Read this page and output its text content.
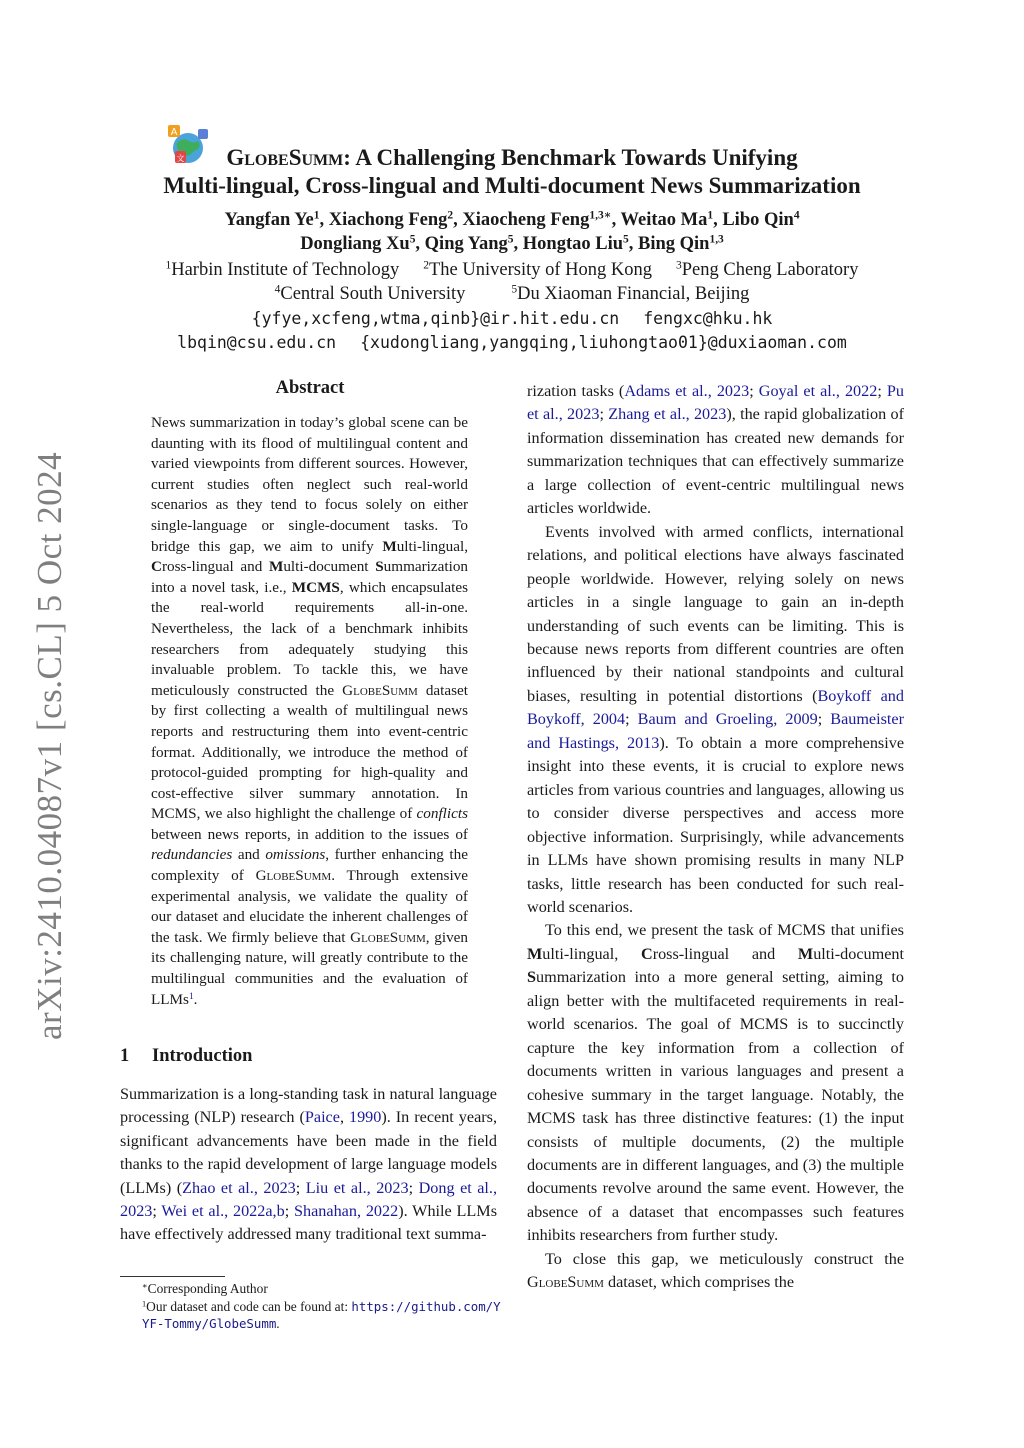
arXiv:2410.04087v1 [cs.CL] 5 Oct 2024
A
文	GlobeSumm: A Challenging Benchmark Towards Unifying
Multi-lingual, Cross-lingual and Multi-document News Summarization
Yangfan Ye$^1$, Xiachong Feng$^2$, Xiaocheng Feng$^{1,3∗}$, Weitao Ma$^1$, Libo Qin$^4$
Dongliang Xu$^5$, Qing Yang$^5$, Hongtao Liu$^5$, Bing Qin$^{1,3}$
$^1$Harbin Institute of Technology $^2$The University of Hong Kong $^3$Peng Cheng Laboratory
$^4$Central South University	$^5$Du Xiaoman Financial, Beijing
{yfye,xcfeng,wtma,qinb}@ir.hit.edu.cn fengxc@hku.hk
lbqin@csu.edu.cn {xudongliang,yangqing,liuhongtao01}@duxiaoman.com
Abstract

News summarization in today’s global scene can be daunting with its flood of multilingual content and varied viewpoints from different sources. However, current studies often neglect such real-world scenarios as they tend to focus solely on either single-language or single-document tasks. To bridge this gap, we aim to unify Multi-lingual, Cross-lingual and Multi-document Summarization into a novel task, i.e., MCMS, which encapsulates the real-world requirements all-in-one. Nevertheless, the lack of a benchmark inhibits researchers from adequately studying this invaluable problem. To tackle this, we have meticulously constructed the GlobeSumm dataset by first collecting a wealth of multilingual news reports and restructuring them into event-centric format. Additionally, we introduce the method of protocol-guided prompting for high-quality and cost-effective silver summary annotation. In MCMS, we also highlight the challenge of conflicts between news reports, in addition to the issues of redundancies and omissions, further enhancing the complexity of GlobeSumm. Through extensive experimental analysis, we validate the quality of our dataset and elucidate the inherent challenges of the task. We firmly believe that GlobeSumm, given its challenging nature, will greatly contribute to the multilingual communities and the evaluation of LLMs$^1$.

1 Introduction

Summarization is a long-standing task in natural language processing (NLP) research (Paice, 1990). In recent years, significant advancements have been made in the field thanks to the rapid development of large language models (LLMs) (Zhao et al., 2023; Liu et al., 2023; Dong et al., 2023; Wei et al., 2022a,b; Shanahan, 2022). While LLMs have effectively addressed many traditional text summa-

∗Corresponding Author

$^1$Our dataset and code can be found at: https://github.com/YYF-Tommy/GlobeSumm.

rization tasks (Adams et al., 2023; Goyal et al., 2022; Pu et al., 2023; Zhang et al., 2023), the rapid globalization of information dissemination has created new demands for summarization techniques that can effectively summarize a large collection of event-centric multilingual news articles worldwide.

Events involved with armed conflicts, international relations, and political elections have always fascinated people worldwide. However, relying solely on news articles in a single language to gain an in-depth understanding of such events can be limiting. This is because news reports from different countries are often influenced by their national standpoints and cultural biases, resulting in potential distortions (Boykoff and Boykoff, 2004; Baum and Groeling, 2009; Baumeister and Hastings, 2013). To obtain a more comprehensive insight into these events, it is crucial to explore news articles from various countries and languages, allowing us to consider diverse perspectives and access more objective information. Surprisingly, while advancements in LLMs have shown promising results in many NLP tasks, little research has been conducted for such real-world scenarios.

To this end, we present the task of MCMS that unifies Multi-lingual, Cross-lingual and Multi-document Summarization into a more general setting, aiming to align better with the multifaceted requirements in real-world scenarios. The goal of MCMS is to succinctly capture the key information from a collection of documents written in various languages and present a cohesive summary in the target language. Notably, the MCMS task has three distinctive features: (1) the input consists of multiple documents, (2) the multiple documents are in different languages, and (3) the multiple documents revolve around the same event. However, the absence of a dataset that encompasses such features inhibits researchers from further study.

To close this gap, we meticulously construct the GlobeSumm dataset, which comprises the
